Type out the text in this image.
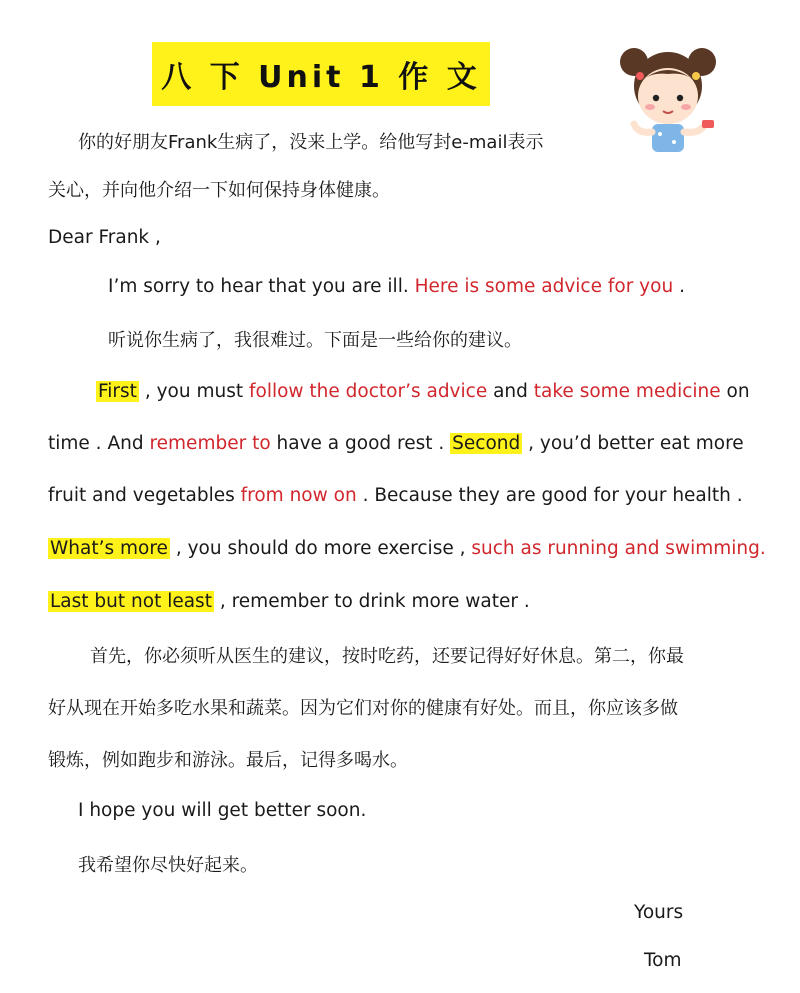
八 下 Unit 1 作 文
你的好朋友Frank生病了，没来上学。给他写封e-mail表示
关心，并向他介绍一下如何保持身体健康。
Dear Frank ,
I’m sorry to hear that you are ill. Here is some advice for you .
听说你生病了，我很难过。下面是一些给你的建议。
First , you must follow the doctor’s advice and take some medicine on
time . And remember to have a good rest . Second , you’d better eat more
fruit and vegetables from now on . Because they are good for your health .
What’s more , you should do more exercise , such as running and swimming.
Last but not least , remember to drink more water .
首先，你必须听从医生的建议，按时吃药，还要记得好好休息。第二，你最
好从现在开始多吃水果和蔬菜。因为它们对你的健康有好处。而且，你应该多做
锻炼，例如跑步和游泳。最后，记得多喝水。
I hope you will get better soon.
我希望你尽快好起来。
Yours
Tom
